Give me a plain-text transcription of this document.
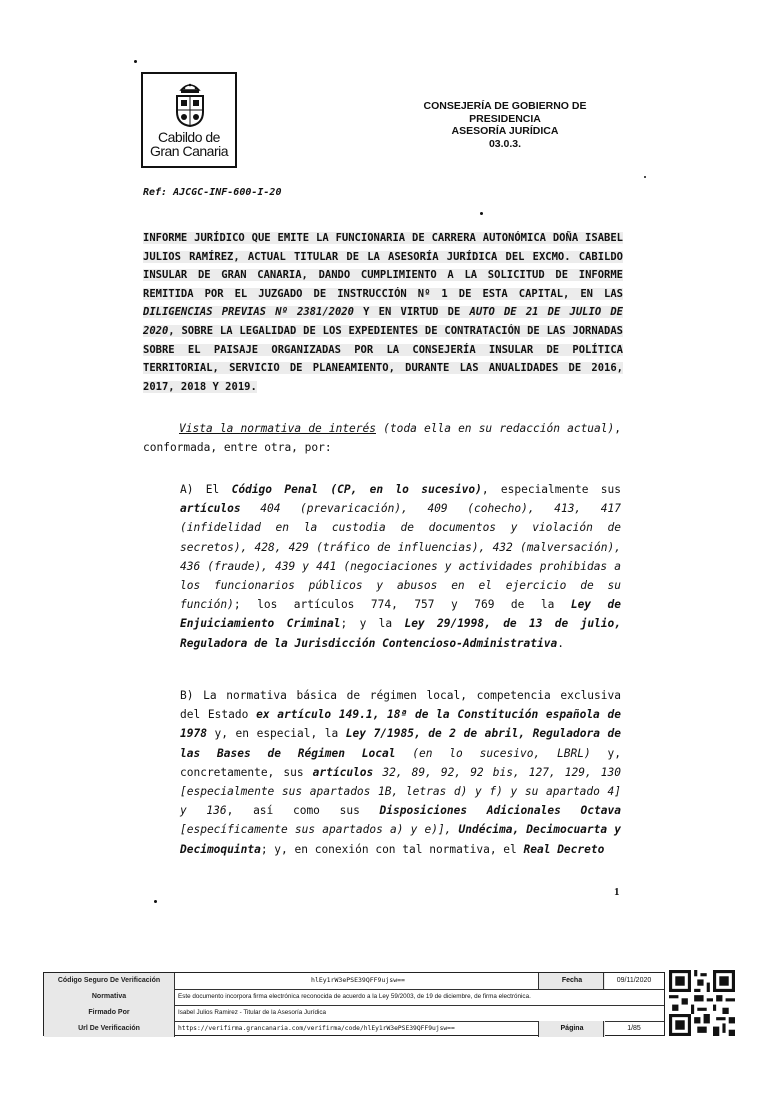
Cabildo de
Gran Canaria
CONSEJERÍA DE GOBIERNO DE
PRESIDENCIA
ASESORÍA JURÍDICA
03.0.3.
Ref: AJCGC-INF-600-I-20
INFORME JURÍDICO QUE EMITE LA FUNCIONARIA DE CARRERA AUTONÓMICA DOÑA ISABEL JULIOS RAMÍREZ, ACTUAL TITULAR DE LA ASESORÍA JURÍDICA DEL EXCMO. CABILDO INSULAR DE GRAN CANARIA, DANDO CUMPLIMIENTO A LA SOLICITUD DE INFORME REMITIDA POR EL JUZGADO DE INSTRUCCIÓN Nº 1 DE ESTA CAPITAL, EN LAS DILIGENCIAS PREVIAS Nº 2381/2020 Y EN VIRTUD DE AUTO DE 21 DE JULIO DE 2020, SOBRE LA LEGALIDAD DE LOS EXPEDIENTES DE CONTRATACIÓN DE LAS JORNADAS SOBRE EL PAISAJE ORGANIZADAS POR LA CONSEJERÍA INSULAR DE POLÍTICA TERRITORIAL, SERVICIO DE PLANEAMIENTO, DURANTE LAS ANUALIDADES DE 2016, 2017, 2018 Y 2019.
Vista la normativa de interés (toda ella en su redacción actual), conformada, entre otra, por:
A) El Código Penal (CP, en lo sucesivo), especialmente sus artículos 404 (prevaricación), 409 (cohecho), 413, 417 (infidelidad en la custodia de documentos y violación de secretos), 428, 429 (tráfico de influencias), 432 (malversación), 436 (fraude), 439 y 441 (negociaciones y actividades prohibidas a los funcionarios públicos y abusos en el ejercicio de su función); los artículos 774, 757 y 769 de la Ley de Enjuiciamiento Criminal; y la Ley 29/1998, de 13 de julio, Reguladora de la Jurisdicción Contencioso-Administrativa.
B) La normativa básica de régimen local, competencia exclusiva del Estado ex artículo 149.1, 18ª de la Constitución española de 1978 y, en especial, la Ley 7/1985, de 2 de abril, Reguladora de las Bases de Régimen Local (en lo sucesivo, LBRL) y, concretamente, sus artículos 32, 89, 92, 92 bis, 127, 129, 130 [especialmente sus apartados 1B, letras d) y f) y su apartado 4] y 136, así como sus Disposiciones Adicionales Octava [específicamente sus apartados a) y e)], Undécima, Decimocuarta y Decimoquinta; y, en conexión con tal normativa, el Real Decreto
1
Código Seguro De Verificación	hlEy1rW3ePSE39QFF9ujsw==	Fecha	09/11/2020
Normativa	Este documento incorpora firma electrónica reconocida de acuerdo a la Ley 59/2003, de 19 de diciembre, de firma electrónica.
Firmado Por	Isabel Julios Ramirez - Titular de la Asesoría Jurídica
Url De Verificación	https://verifirma.grancanaria.com/verifirma/code/hlEy1rW3ePSE39QFF9ujsw==	Página	1/85
